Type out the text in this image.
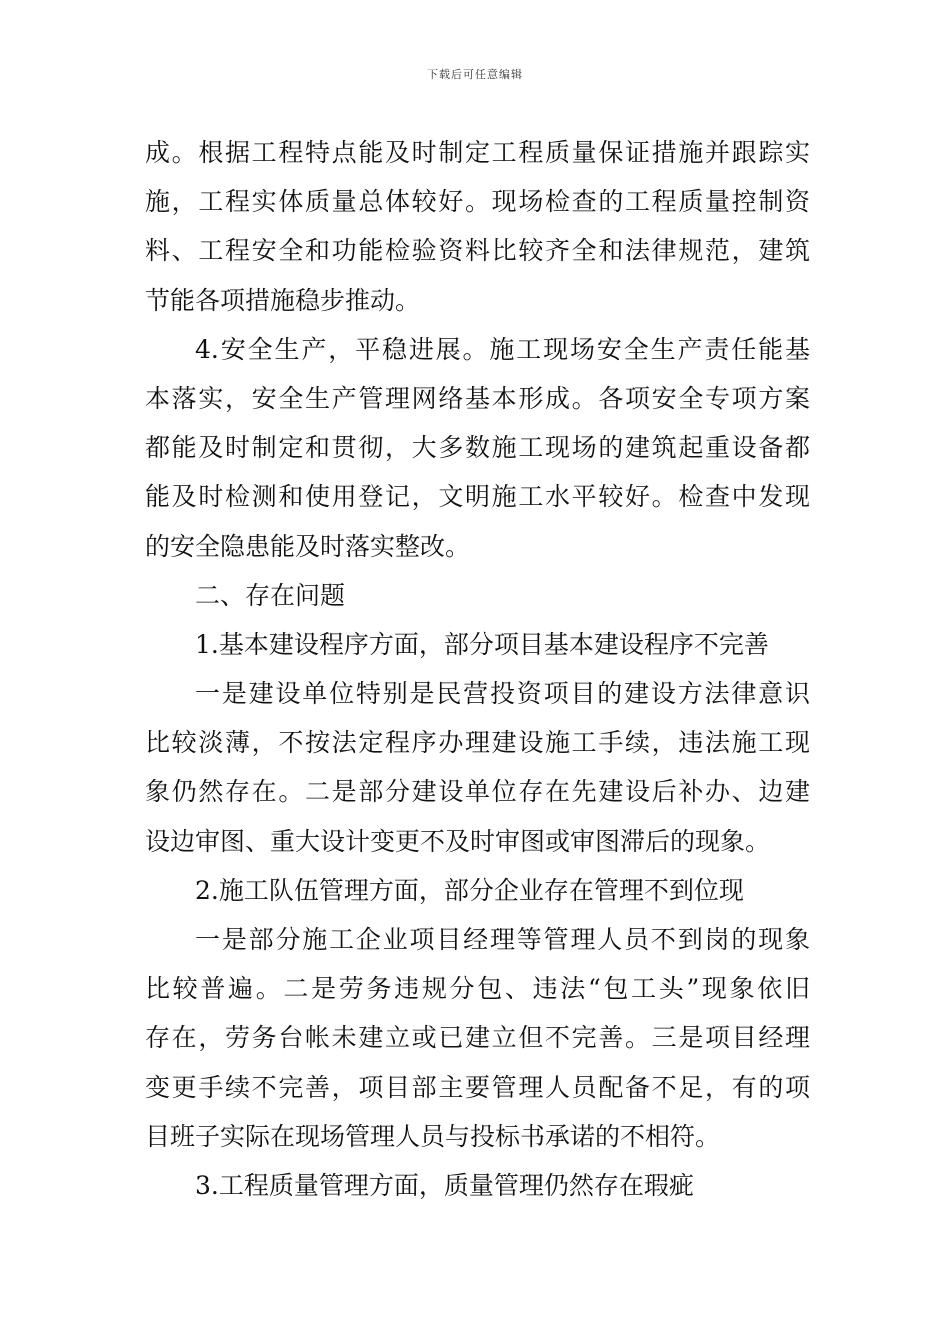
下载后可任意编辑
成。根据工程特点能及时制定工程质量保证措施并跟踪实
施，工程实体质量总体较好。现场检查的工程质量控制资
料、工程安全和功能检验资料比较齐全和法律规范，建筑
节能各项措施稳步推动。
4.安全生产，平稳进展。施工现场安全生产责任能基
本落实，安全生产管理网络基本形成。各项安全专项方案
都能及时制定和贯彻，大多数施工现场的建筑起重设备都
能及时检测和使用登记，文明施工水平较好。检查中发现
的安全隐患能及时落实整改。
二、存在问题
1.基本建设程序方面，部分项目基本建设程序不完善
一是建设单位特别是民营投资项目的建设方法律意识
比较淡薄，不按法定程序办理建设施工手续，违法施工现
象仍然存在。二是部分建设单位存在先建设后补办、边建
设边审图、重大设计变更不及时审图或审图滞后的现象。
2.施工队伍管理方面，部分企业存在管理不到位现
一是部分施工企业项目经理等管理人员不到岗的现象
比较普遍。二是劳务违规分包、违法“包工头”现象依旧
存在，劳务台帐未建立或已建立但不完善。三是项目经理
变更手续不完善，项目部主要管理人员配备不足，有的项
目班子实际在现场管理人员与投标书承诺的不相符。
3.工程质量管理方面，质量管理仍然存在瑕疵
